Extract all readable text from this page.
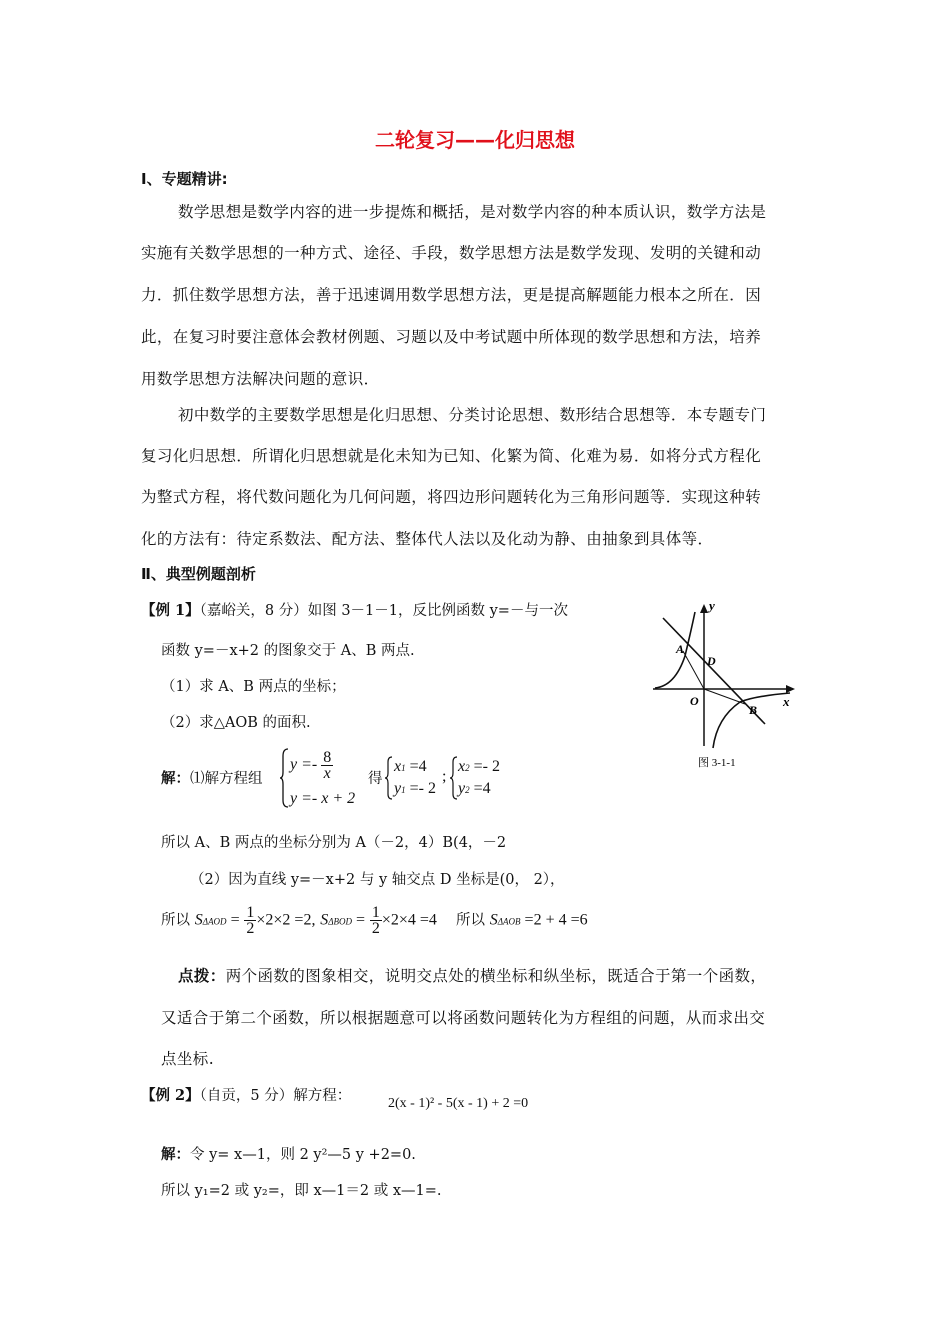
二轮复习——化归思想
Ⅰ、专题精讲:
数学思想是数学内容的进一步提炼和概括，是对数学内容的种本质认识，数学方法是
实施有关数学思想的一种方式、途径、手段，数学思想方法是数学发现、发明的关键和动
力．抓住数学思想方法，善于迅速调用数学思想方法，更是提高解题能力根本之所在．因
此，在复习时要注意体会教材例题、习题以及中考试题中所体现的数学思想和方法，培养
用数学思想方法解决问题的意识．
初中数学的主要数学思想是化归思想、分类讨论思想、数形结合思想等．本专题专门
复习化归思想．所谓化归思想就是化未知为已知、化繁为简、化难为易．如将分式方程化
为整式方程，将代数问题化为几何问题，将四边形问题转化为三角形问题等．实现这种转
化的方法有：待定系数法、配方法、整体代人法以及化动为静、由抽象到具体等．
Ⅱ、典型例题剖析
【例 1】（嘉峪关，8 分）如图 3－1－1，反比例函数 y=－与一次
函数 y=－x+2 的图象交于 A、B 两点.
（1）求 A、B 两点的坐标；
（2）求△AOB 的面积.
y
x
A
D
O
B
图 3-1-1
解：⑴解方程组
$y =- \frac{8}{x}$
y =- x + 2
得
x1 =4
y1 =- 2
;
x2 =- 2
y2 =4
所以 A、B 两点的坐标分别为 A（－2，4）B(4，－2
（2）因为直线 y=－x+2 与 y 轴交点 D 坐标是(0， 2），
所以 $S\Delta AOD = \frac{1}{2} \times 2\times 2 =2$, $S\Delta BOD = \frac{1}{2} \times 2\times 4 =4$ 所以 SΔAOB =2 + 4 =6
点拨：两个函数的图象相交，说明交点处的横坐标和纵坐标，既适合于第一个函数，
又适合于第二个函数，所以根据题意可以将函数问题转化为方程组的问题，从而求出交
点坐标.
【例 2】（自贡，5 分）解方程：	2(x - 1)² - 5(x - 1) + 2 =0
解：令 y= x—1，则 2 y²—5 y +2=0.
所以 y₁=2 或 y₂=，即 x—1＝2 或 x—1=.
